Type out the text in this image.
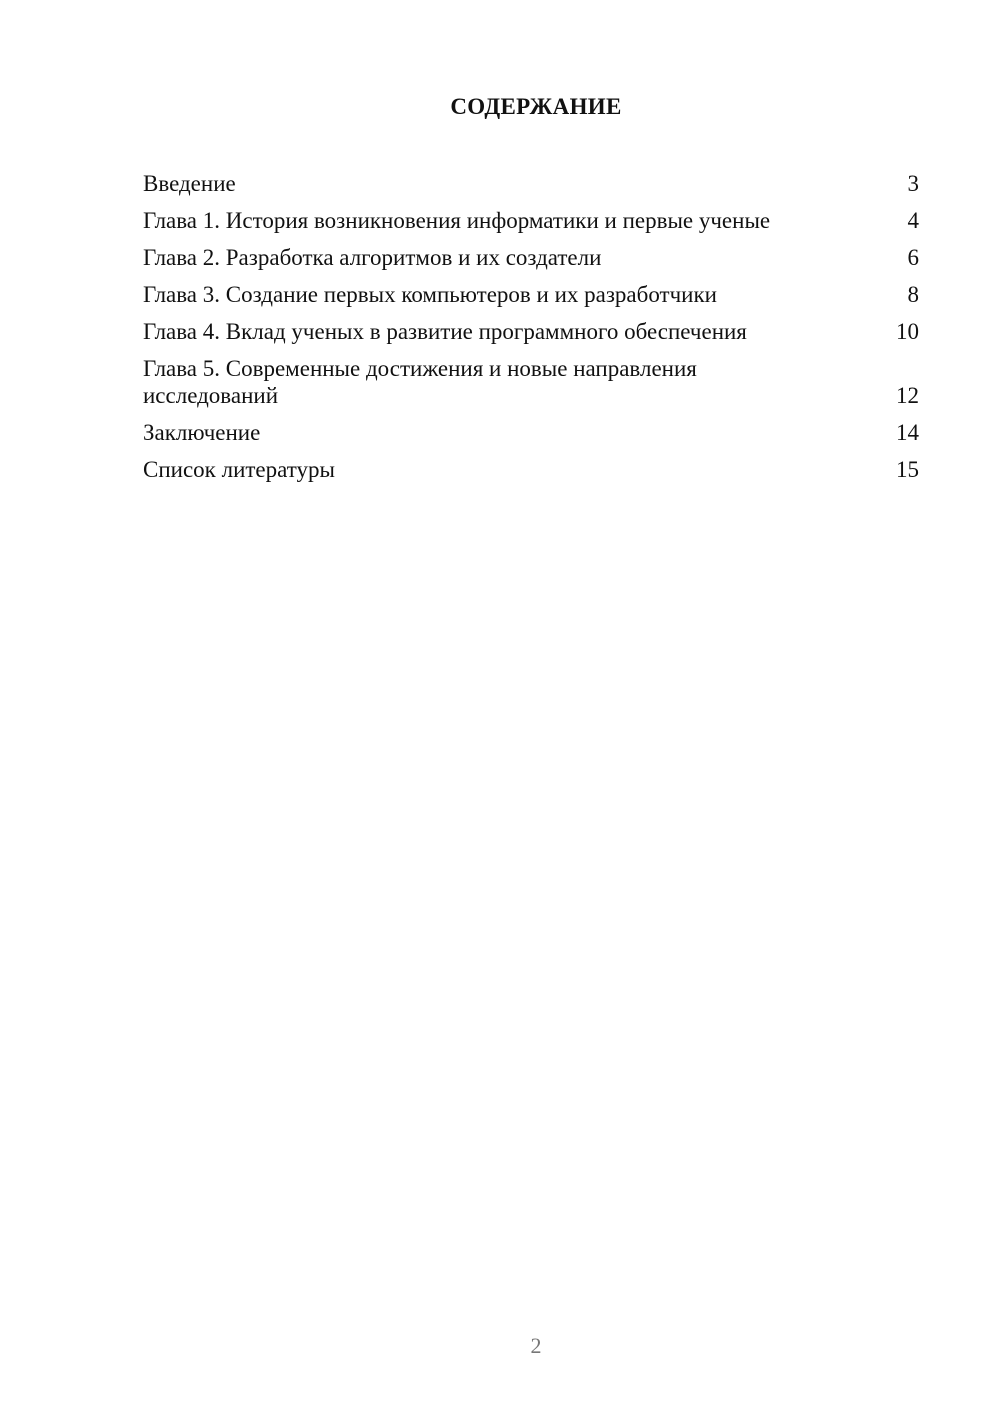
СОДЕРЖАНИЕ
Введение	3
Глава 1. История возникновения информатики и первые ученые	4
Глава 2. Разработка алгоритмов и их создатели	6
Глава 3. Создание первых компьютеров и их разработчики	8
Глава 4. Вклад ученых в развитие программного обеспечения	10
Глава 5. Современные достижения и новые направления исследований	12
Заключение	14
Список литературы	15
2
